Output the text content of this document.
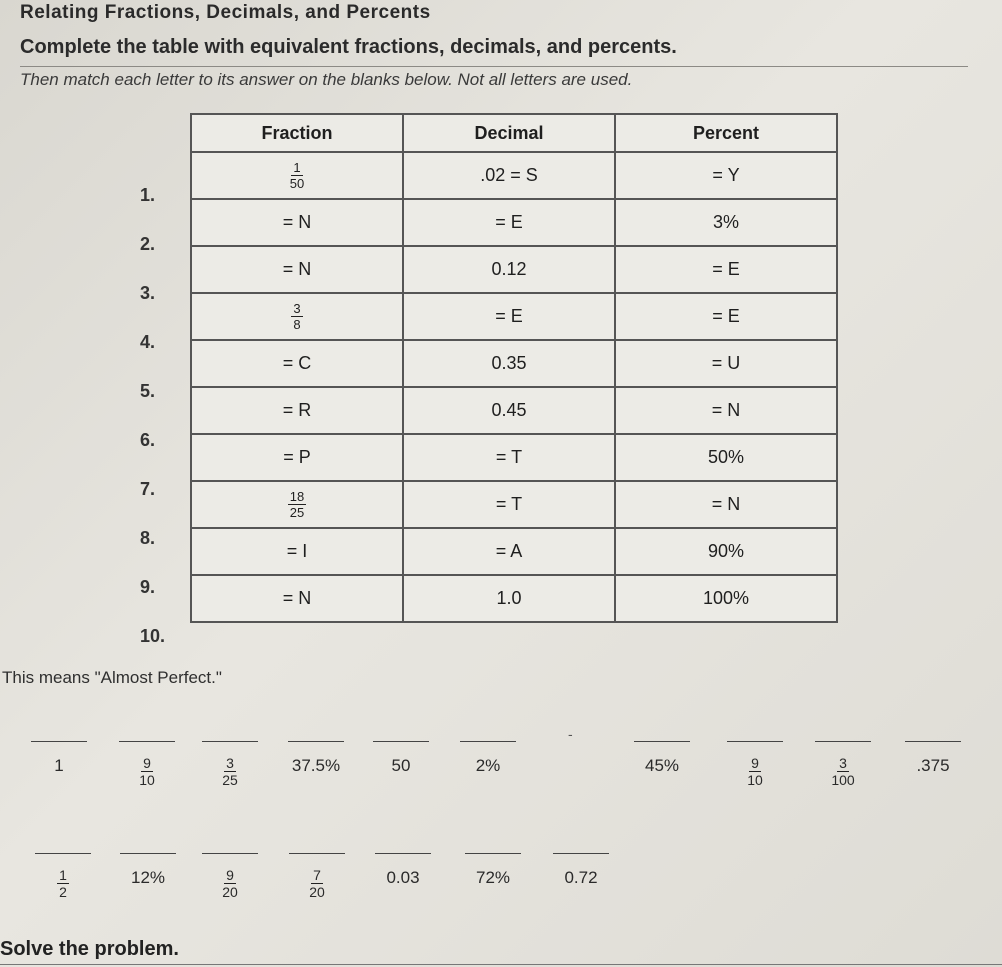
Relating Fractions, Decimals, and Percents
Complete the table with equivalent fractions, decimals, and percents.
Then match each letter to its answer on the blanks below. Not all letters are used.
1.
2.
3.
4.
5.
6.
7.
8.
9.
10.
Fraction	Decimal	Percent

$\frac{1}{50}$	.02 = S	= Y
= N	= E	3%
= N	0.12	= E

$\frac{3}{8}$	= E	= E
= C	0.35	= U
= R	0.45	= N
= P	= T	50%

$\frac{18}{25}$	= T	= N
= I	= A	90%
= N	1.0	100%
This means "Almost Perfect."
1	$\frac{9}{10}$	$\frac{3}{25}$	37.5%	50	2%
-
45%	$\frac{9}{10}$	$\frac{3}{100}$	.375
$\frac{1}{2}$	12%	$\frac{9}{20}$	$\frac{7}{20}$	0.03	72%	0.72
Solve the problem.
